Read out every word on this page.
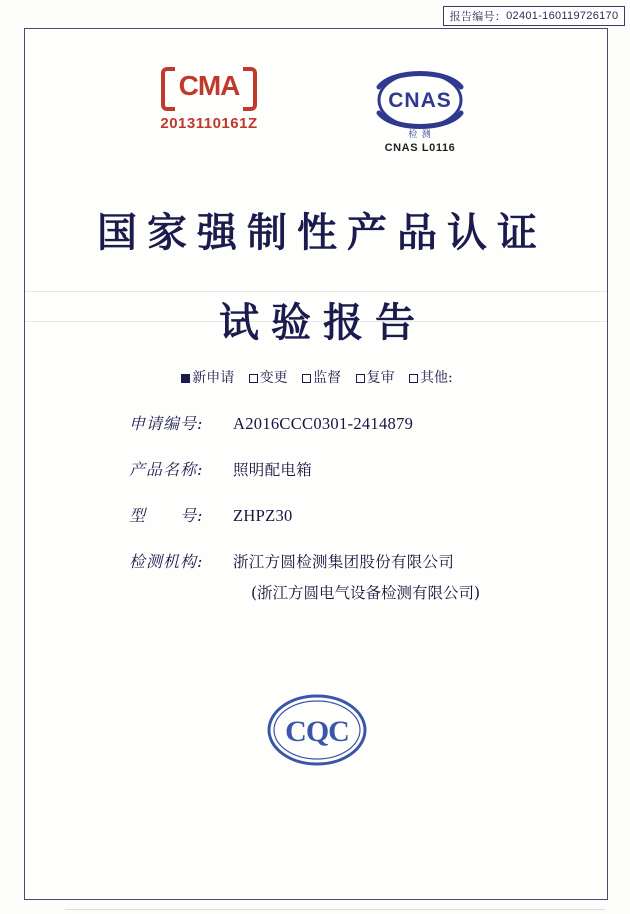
报告编号： 02401-160119726170
CMA
2013110161Z
CNAS
检 测
CNAS L0116
国家强制性产品认证
试验报告
新申请 变更 监督 复审 其他:
申请编号:	A2016CCC0301-2414879
产品名称:	照明配电箱
型　　号:	ZHPZ30
检测机构:	浙江方圆检测集团股份有限公司
(浙江方圆电气设备检测有限公司)
CQC
